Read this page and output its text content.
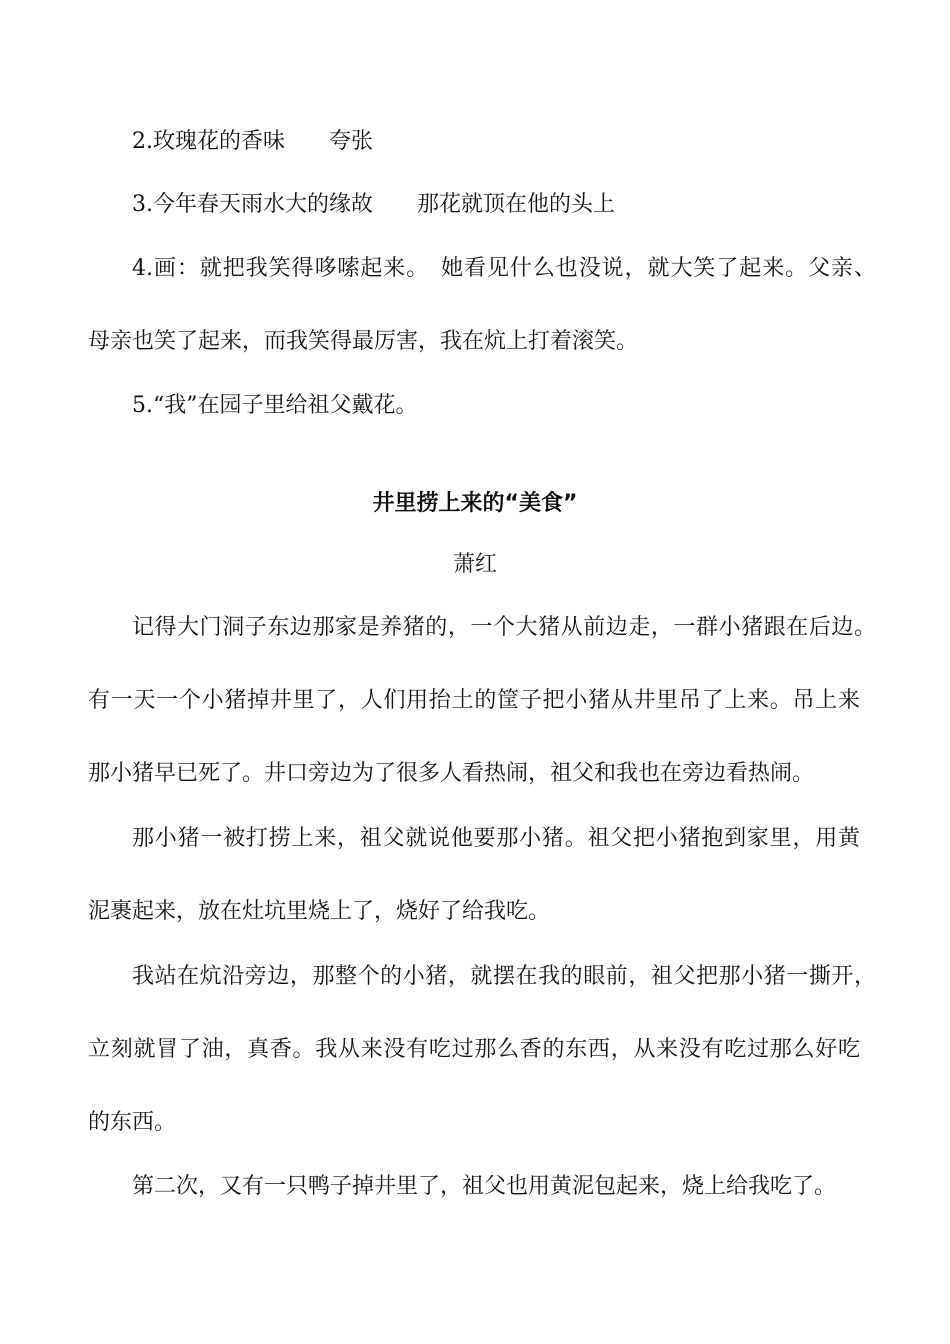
2.玫瑰花的香味　　夸张
3.今年春天雨水大的缘故　　那花就顶在他的头上
4.画：就把我笑得哆嗦起来。　她看见什么也没说，就大笑了起来。父亲、
母亲也笑了起来，而我笑得最厉害，我在炕上打着滚笑。
5.“我”在园子里给祖父戴花。
井里捞上来的“美食”
萧红
记得大门洞子东边那家是养猪的，一个大猪从前边走，一群小猪跟在后边。
有一天一个小猪掉井里了，人们用抬土的筐子把小猪从井里吊了上来。吊上来
那小猪早已死了。井口旁边为了很多人看热闹，祖父和我也在旁边看热闹。
那小猪一被打捞上来，祖父就说他要那小猪。祖父把小猪抱到家里，用黄
泥裹起来，放在灶坑里烧上了，烧好了给我吃。
我站在炕沿旁边，那整个的小猪，就摆在我的眼前，祖父把那小猪一撕开，
立刻就冒了油，真香。我从来没有吃过那么香的东西，从来没有吃过那么好吃
的东西。
第二次，又有一只鸭子掉井里了，祖父也用黄泥包起来，烧上给我吃了。
